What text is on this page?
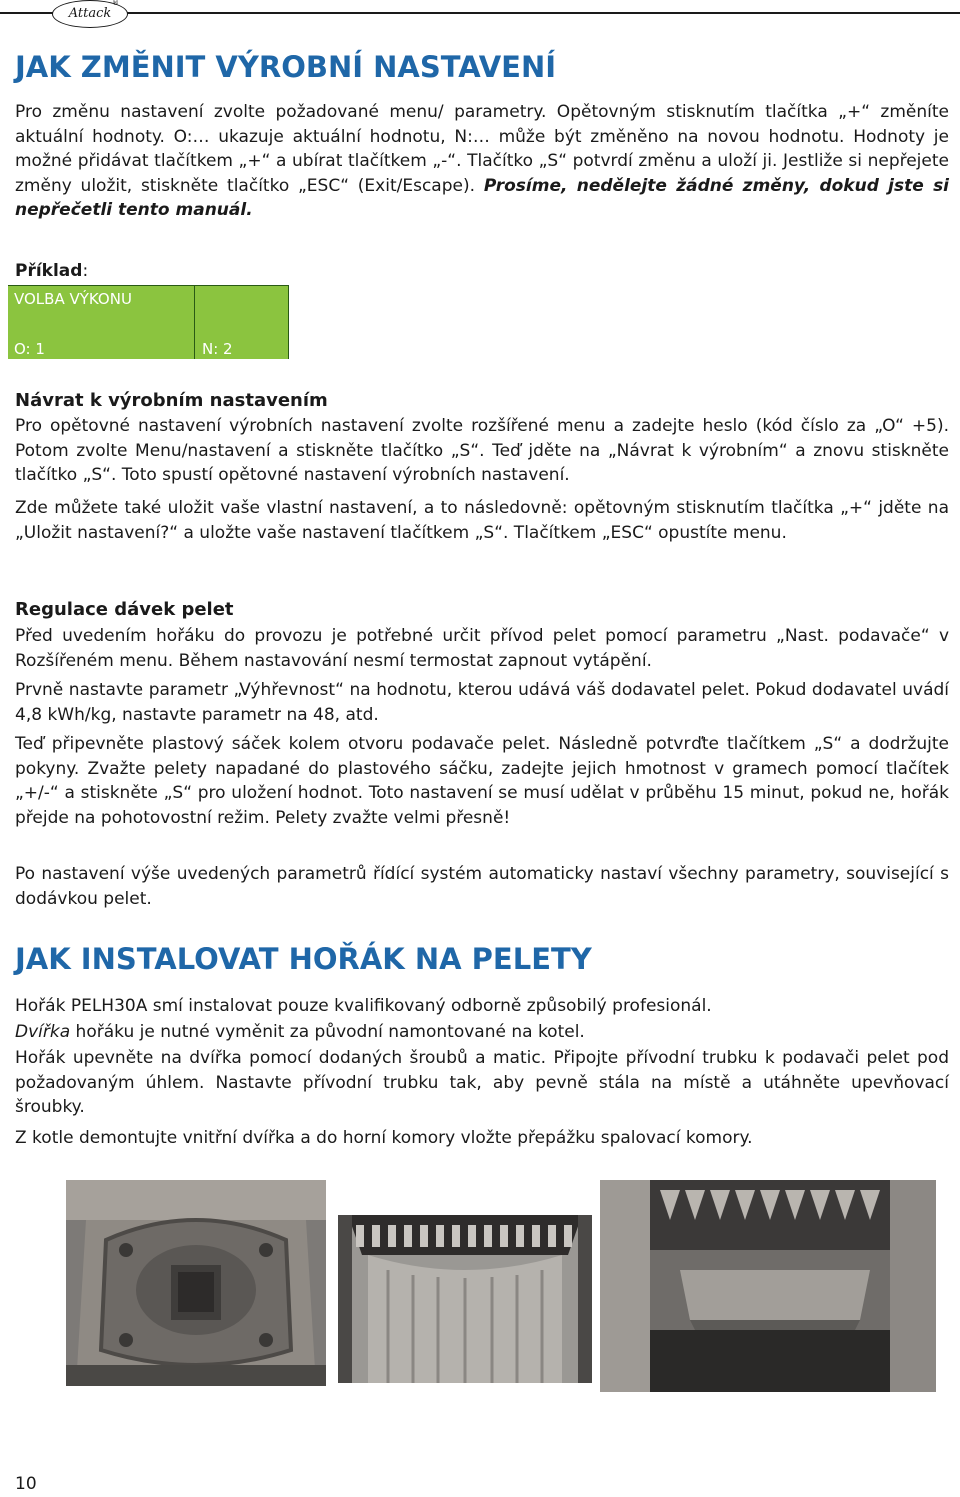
Attack
®
JAK ZMĚNIT VÝROBNÍ NASTAVENÍ

Pro změnu nastavení zvolte požadované menu/ parametry. Opětovným stisknutím tlačítka „+“ změníte aktuální hodnoty. O:… ukazuje aktuální hodnotu, N:… může být změněno na novou hodnotu. Hodnoty je možné přidávat tlačítkem „+“ a ubírat tlačítkem „-“. Tlačítko „S“ potvrdí změnu a uloží ji. Jestliže si nepřejete změny uložit, stiskněte tlačítko „ESC“ (Exit/Escape). Prosíme, nedělejte žádné změny, dokud jste si nepřečetli tento manuál.

Příklad:

VOLBA VÝKONU
O: 1	N: 2

Návrat k výrobním nastavením

Pro opětovné nastavení výrobních nastavení zvolte rozšířené menu a zadejte heslo (kód číslo za „O“ +5). Potom zvolte Menu/nastavení a stiskněte tlačítko „S“. Teď jděte na „Návrat k výrobním“ a znovu stiskněte tlačítko „S“. Toto spustí opětovné nastavení výrobních nastavení.

Zde můžete také uložit vaše vlastní nastavení, a to následovně: opětovným stisknutím tlačítka „+“ jděte na „Uložit nastavení?“ a uložte vaše nastavení tlačítkem „S“. Tlačítkem „ESC“ opustíte menu.

Regulace dávek pelet

Před uvedením hořáku do provozu je potřebné určit přívod pelet pomocí parametru „Nast. podavače“ v Rozšířeném menu. Během nastavování nesmí termostat zapnout vytápění.

Prvně nastavte parametr „Výhřevnost“ na hodnotu, kterou udává váš dodavatel pelet. Pokud dodavatel uvádí 4,8 kWh/kg, nastavte parametr na 48, atd.

Teď připevněte plastový sáček kolem otvoru podavače pelet. Následně potvrďte tlačítkem „S“ a dodržujte pokyny. Zvažte pelety napadané do plastového sáčku, zadejte jejich hmotnost v gramech pomocí tlačítek „+/-“ a stiskněte „S“ pro uložení hodnot. Toto nastavení se musí udělat v průběhu 15 minut, pokud ne, hořák přejde na pohotovostní režim. Pelety zvažte velmi přesně!

Po nastavení výše uvedených parametrů řídící systém automaticky nastaví všechny parametry, související s dodávkou pelet.

JAK INSTALOVAT HOŘÁK NA PELETY

Hořák PELH30A smí instalovat pouze kvalifikovaný odborně způsobilý profesionál.

Dvířka hořáku je nutné vyměnit za původní namontované na kotel.

Hořák upevněte na dvířka pomocí dodaných šroubů a matic. Připojte přívodní trubku k podavači pelet pod požadovaným úhlem. Nastavte přívodní trubku tak, aby pevně stála na místě a utáhněte upevňovací šroubky.

Z kotle demontujte vnitřní dvířka a do horní komory vložte přepážku spalovací komory.

10
